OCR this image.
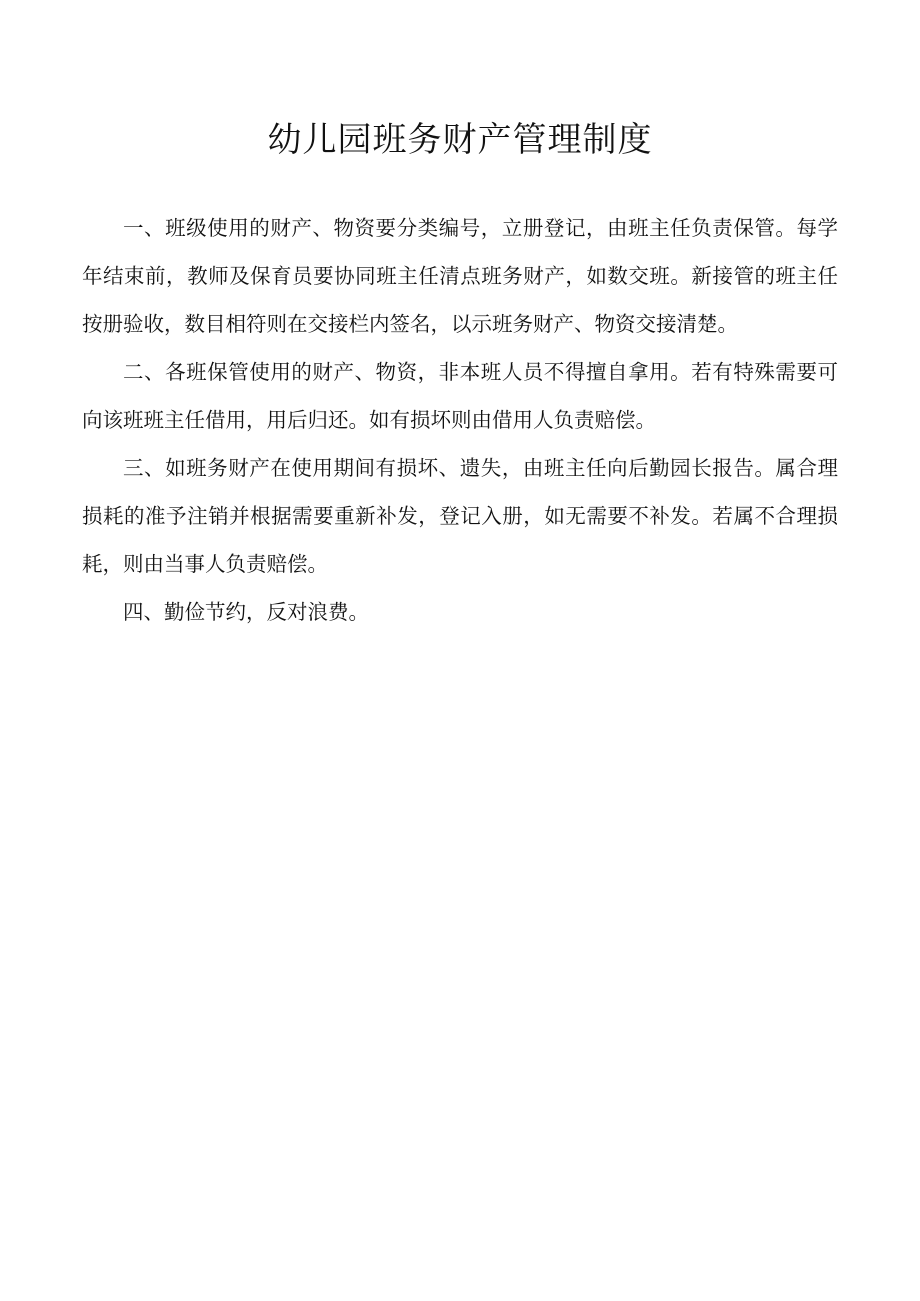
幼儿园班务财产管理制度

一、班级使用的财产、物资要分类编号，立册登记，由班主任负责保管。每学年结束前，教师及保育员要协同班主任清点班务财产，如数交班。新接管的班主任按册验收，数目相符则在交接栏内签名，以示班务财产、物资交接清楚。

二、各班保管使用的财产、物资，非本班人员不得擅自拿用。若有特殊需要可向该班班主任借用，用后归还。如有损坏则由借用人负责赔偿。

三、如班务财产在使用期间有损坏、遗失，由班主任向后勤园长报告。属合理损耗的准予注销并根据需要重新补发，登记入册，如无需要不补发。若属不合理损耗，则由当事人负责赔偿。

四、勤俭节约，反对浪费。
